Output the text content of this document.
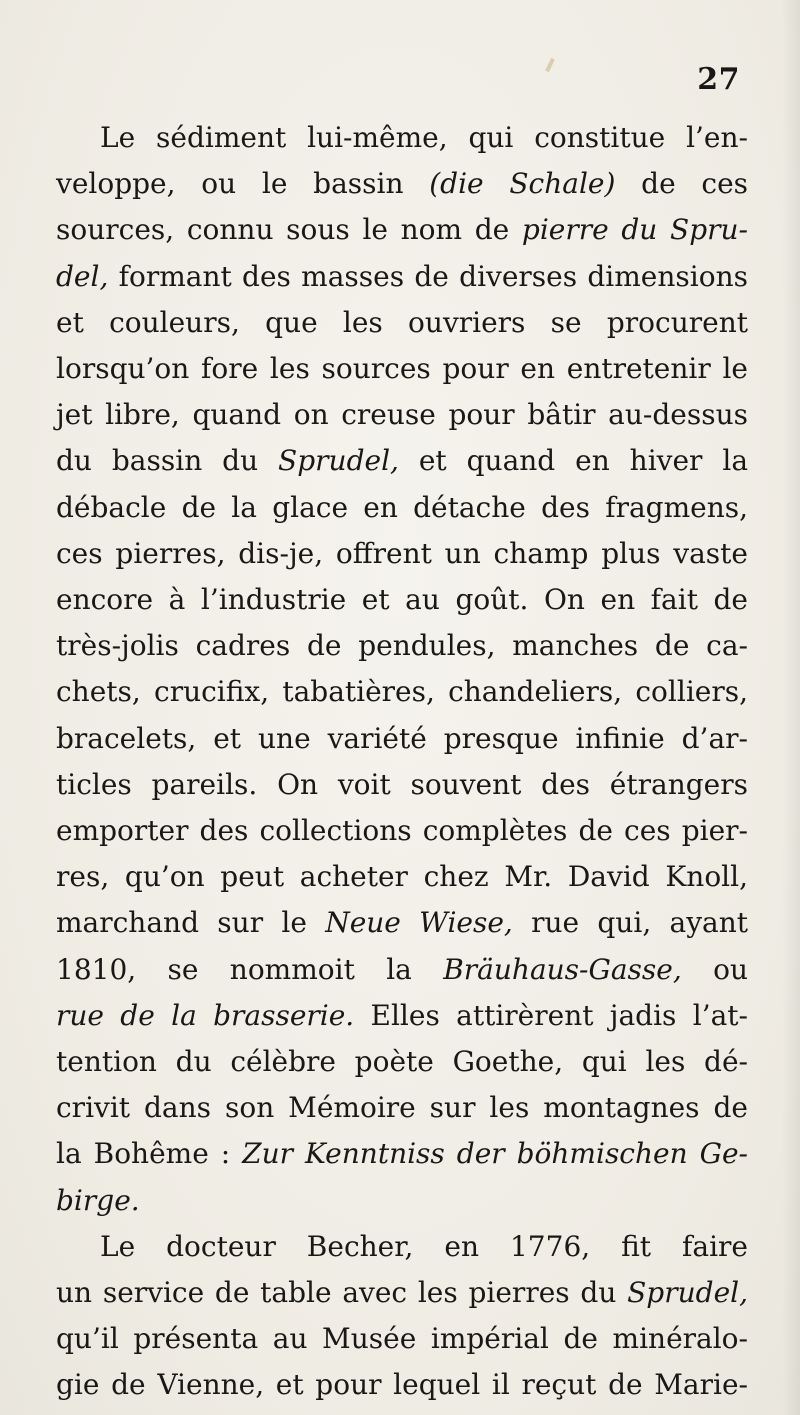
27
Le sédiment lui-même, qui constitue l’en-
veloppe, ou le bassin (die Schale) de ces
sources, connu sous le nom de pierre du Spru-
del, formant des masses de diverses dimensions
et couleurs, que les ouvriers se procurent
lorsqu’on fore les sources pour en entretenir le
jet libre, quand on creuse pour bâtir au-dessus
du bassin du Sprudel, et quand en hiver la
débacle de la glace en détache des fragmens,
ces pierres, dis-je, offrent un champ plus vaste
encore à l’industrie et au goût. On en fait de
très-jolis cadres de pendules, manches de ca-
chets, crucifix, tabatières, chandeliers, colliers,
bracelets, et une variété presque infinie d’ar-
ticles pareils. On voit souvent des étrangers
emporter des collections complètes de ces pier-
res, qu’on peut acheter chez Mr. David Knoll,
marchand sur le Neue Wiese, rue qui, ayant
1810, se nommoit la Bräuhaus-Gasse, ou
rue de la brasserie. Elles attirèrent jadis l’at-
tention du célèbre poète Goethe, qui les dé-
crivit dans son Mémoire sur les montagnes de
la Bohême : Zur Kenntniss der böhmischen Ge-
birge.
Le docteur Becher, en 1776, fit faire
un service de table avec les pierres du Sprudel,
qu’il présenta au Musée impérial de minéralo-
gie de Vienne, et pour lequel il reçut de Marie-
